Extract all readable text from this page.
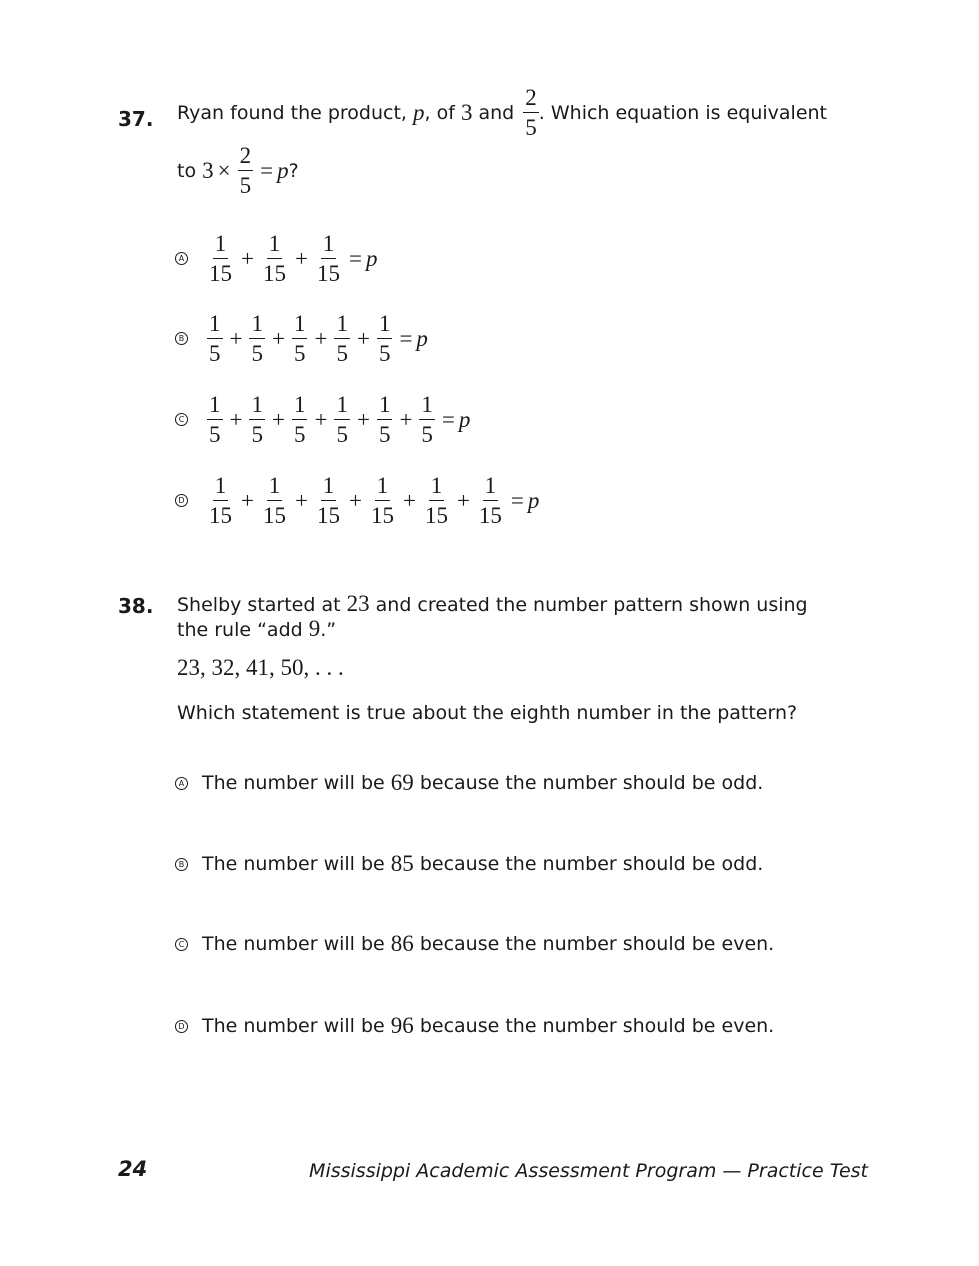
37. Ryan found the product, p , of 3 and $\frac{2}{5}$ . Which equation is equivalent
to $3 \times \frac{2}{5} = p$ ?
A $\frac{1}{15} + \frac{1}{15} + \frac{1}{15} = p$
B $\frac{1}{5} + \frac{1}{5} + \frac{1}{5} + \frac{1}{5} + \frac{1}{5} = p$
C $\frac{1}{5} + \frac{1}{5} + \frac{1}{5} + \frac{1}{5} + \frac{1}{5} + \frac{1}{5} = p$
D $\frac{1}{15} + \frac{1}{15} + \frac{1}{15} + \frac{1}{15} + \frac{1}{15} + \frac{1}{15} = p$
38. Shelby started at 23 and created the number pattern shown using
the rule “add 9.”
23, 32, 41, 50, . . .
Which statement is true about the eighth number in the pattern?
A The number will be 69 because the number should be odd.
B The number will be 85 because the number should be odd.
C The number will be 86 because the number should be even.
D The number will be 96 because the number should be even.
24	Mississippi Academic Assessment Program — Practice Test
